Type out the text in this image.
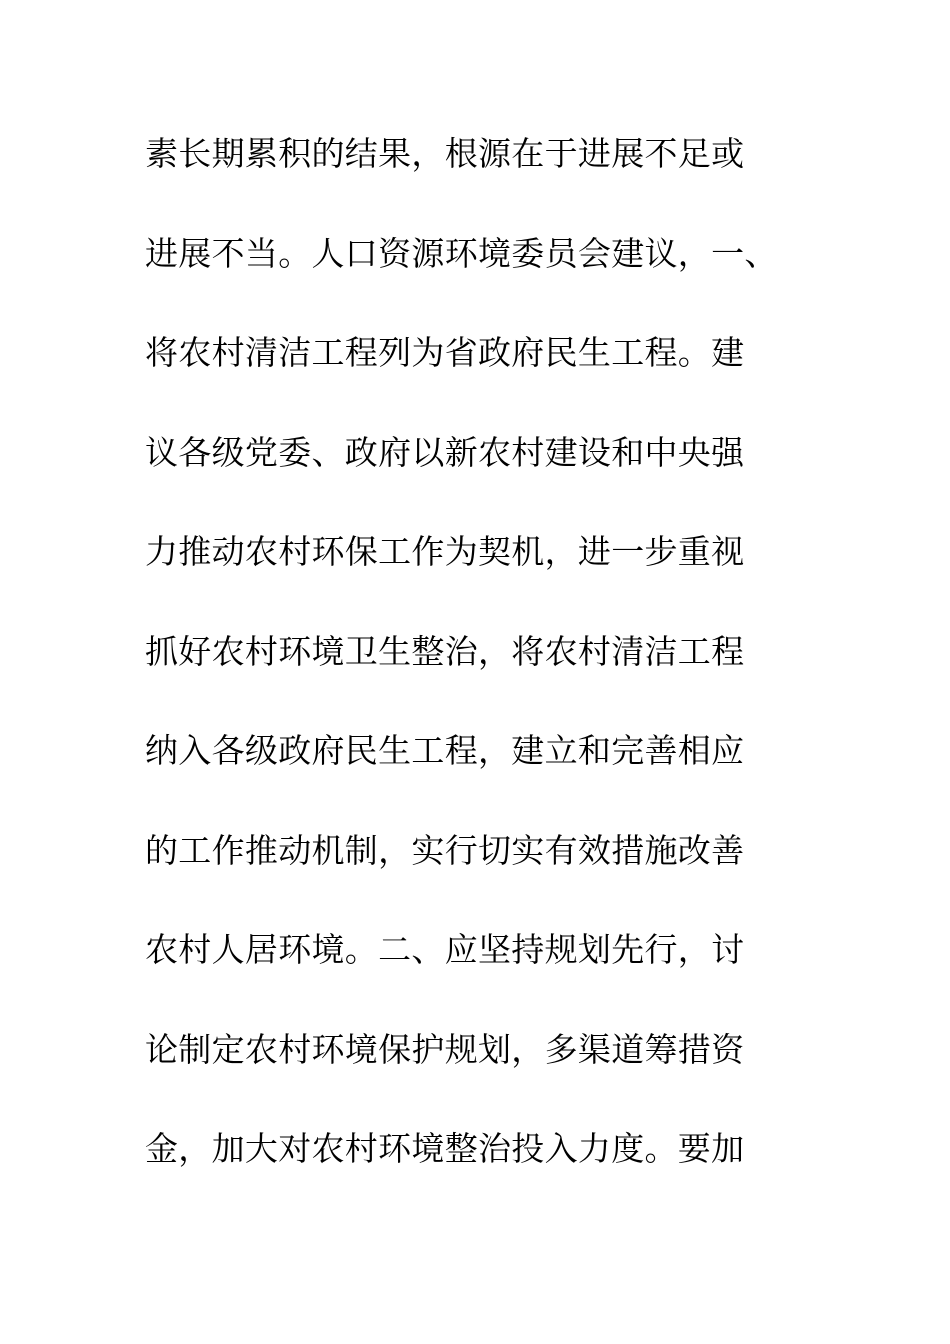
素长期累积的结果，根源在于进展不足或
进展不当。人口资源环境委员会建议，一、
将农村清洁工程列为省政府民生工程。建
议各级党委、政府以新农村建设和中央强
力推动农村环保工作为契机，进一步重视
抓好农村环境卫生整治，将农村清洁工程
纳入各级政府民生工程，建立和完善相应
的工作推动机制，实行切实有效措施改善
农村人居环境。二、应坚持规划先行，讨
论制定农村环境保护规划，多渠道筹措资
金，加大对农村环境整治投入力度。要加
